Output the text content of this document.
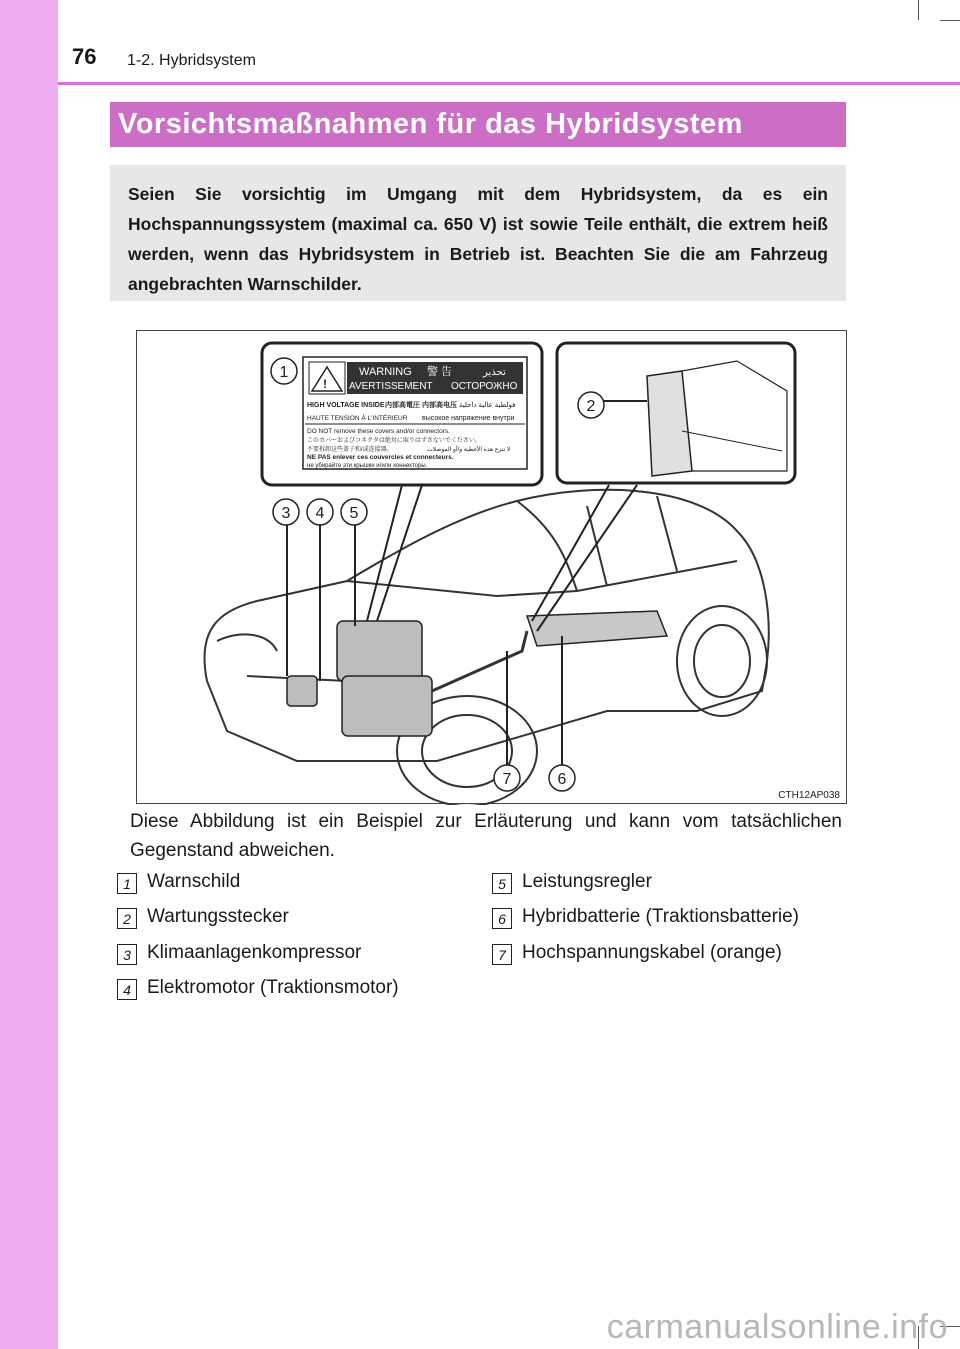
76 1-2. Hybridsystem
Vorsichtsmaßnahmen für das Hybridsystem
Seien Sie vorsichtig im Umgang mit dem Hybridsystem, da es ein Hochspannungssystem (maximal ca. 650 V) ist sowie Teile enthält, die extrem heiß werden, wenn das Hybridsystem in Betrieb ist. Beachten Sie die am Fahrzeug angebrachten Warnschilder.
!
WARNING 警 告	تحذير
AVERTISSEMENT ОСТОРОЖНО
HIGH VOLTAGE INSIDE 内部高電圧 内部高电压 فولطية عالية داخلية
HAUTE TENSION À L'INTÉRIEUR высокое напряжение внутри
DO NOT remove these covers and/or connectors.
このカバーおよびコネクタは絶対に取りはずさないでください。
不要拆卸这些盖子和/或连接器。	لا تنزع هذه الأغطية و/أو الموصلات
NE PAS enlever ces couvercles et connecteurs.
не убирайте эти крышки и/или коннекторы.
1
2
3 4 5
6
7
CTH12AP038
Diese Abbildung ist ein Beispiel zur Erläuterung und kann vom tatsächlichen Gegenstand abweichen.
1 Warnschild
2 Wartungsstecker
3 Klimaanlagenkompressor
4 Elektromotor (Traktionsmotor)
5 Leistungsregler
6 Hybridbatterie (Traktionsbatterie)
7 Hochspannungskabel (orange)
carmanualsonline.info
